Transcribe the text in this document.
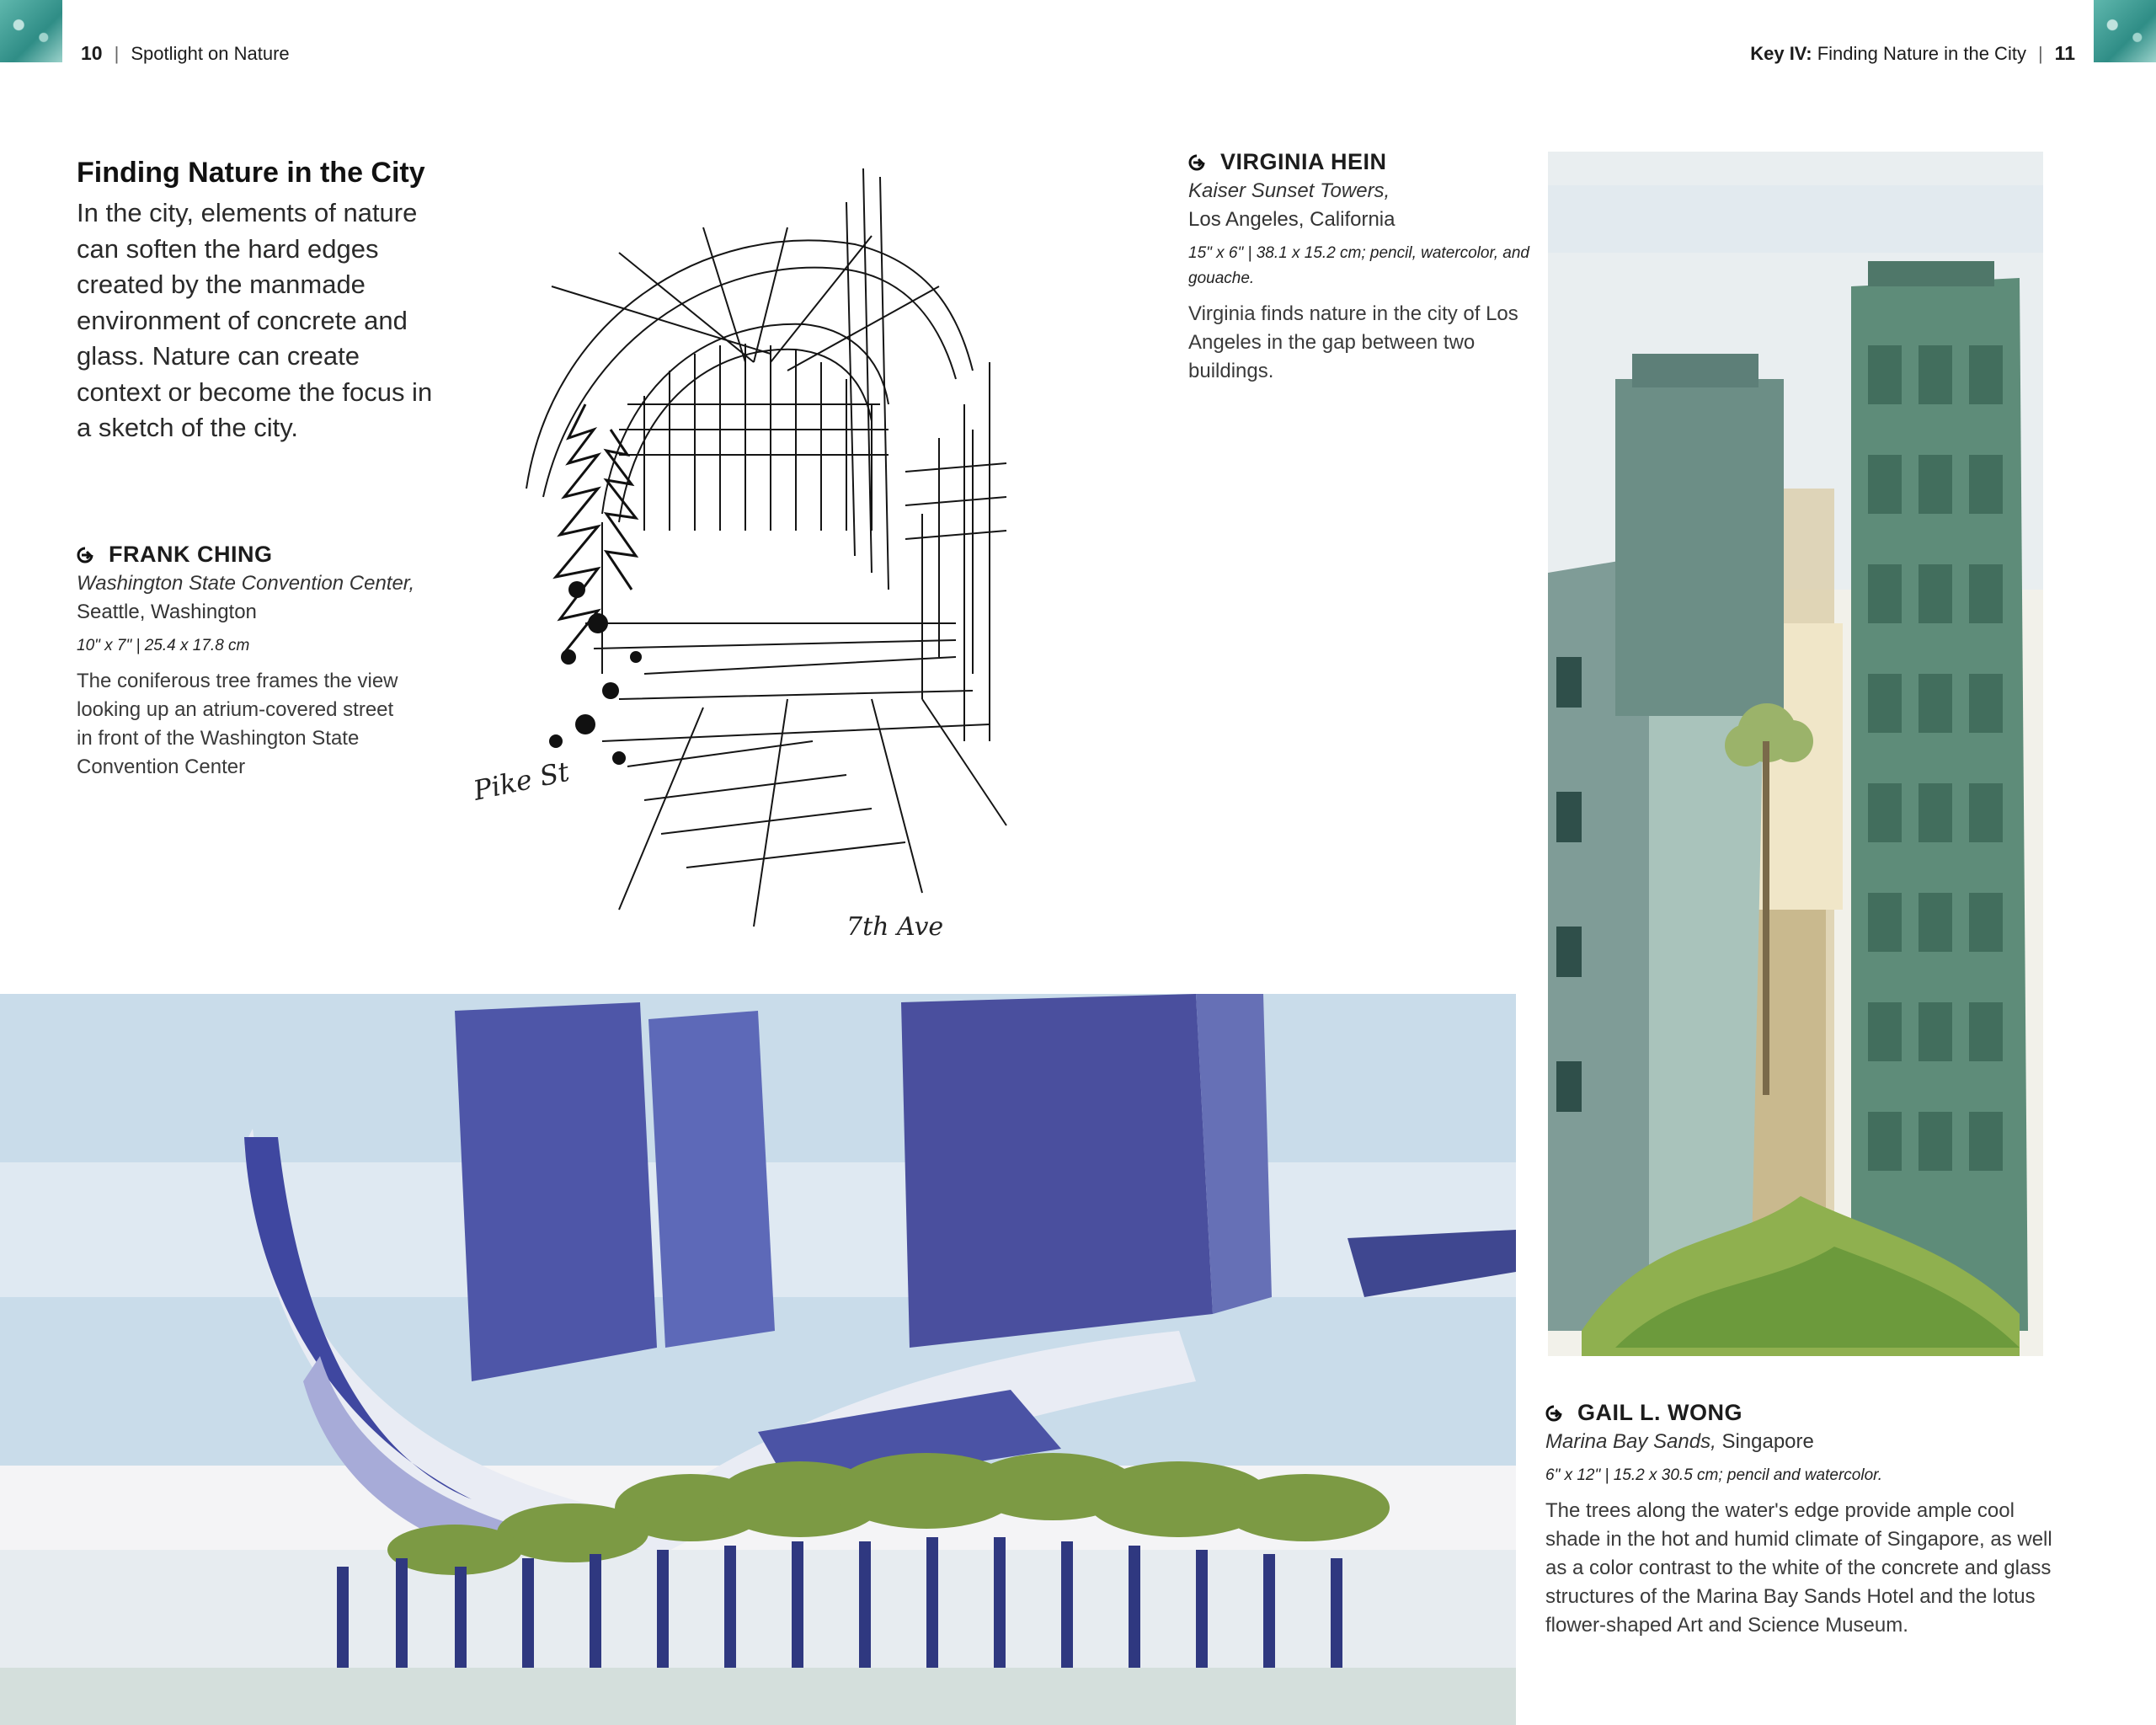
10 | Spotlight on Nature	Key IV: Finding Nature in the City | 11
Finding Nature in the City
In the city, elements of nature can soften the hard edges created by the manmade environment of concrete and glass. Nature can create context or become the focus in a sketch of the city.
FRANK CHING
Washington State Convention Center,
Seattle, Washington
10" x 7" | 25.4 x 17.8 cm
The coniferous tree frames the view looking up an atrium-covered street in front of the Washington State Convention Center
VIRGINIA HEIN
Kaiser Sunset Towers,
Los Angeles, California
15" x 6" | 38.1 x 15.2 cm; pencil, watercolor, and gouache.
Virginia finds nature in the city of Los Angeles in the gap between two buildings.
GAIL L. WONG
Marina Bay Sands, Singapore
6" x 12" | 15.2 x 30.5 cm; pencil and watercolor.
The trees along the water's edge provide ample cool shade in the hot and humid climate of Singapore, as well as a color contrast to the white of the concrete and glass structures of the Marina Bay Sands Hotel and the lotus flower-shaped Art and Science Museum.
Pike St
7th Ave
